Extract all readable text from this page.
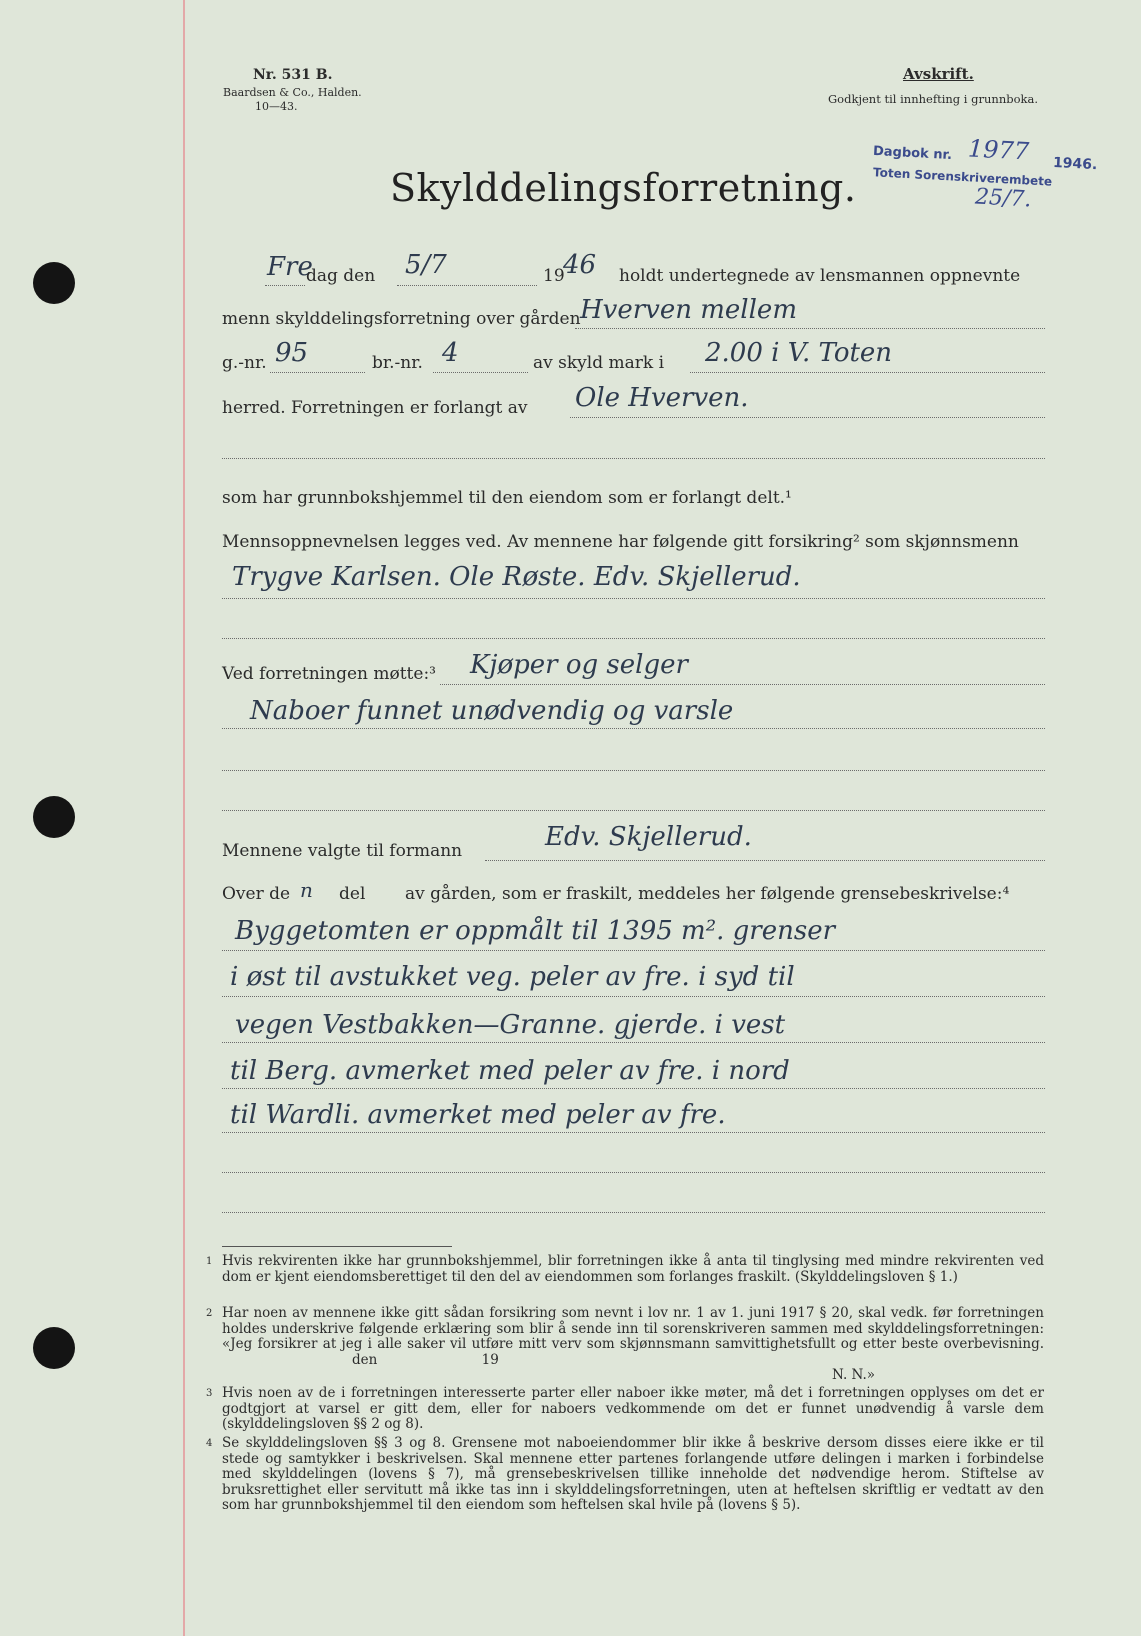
Nr. 531 B.
Baardsen & Co., Halden.
10—43.
Avskrift.
Godkjent til innhefting i grunnboka.
Dagbok nr. 1977 1946.
Toten Sorenskriverembete
25/7.
Skylddelingsforretning.
Fre
dag den 5/7	19
46 holdt undertegnede av lensmannen oppnevnte
menn skylddelingsforretning over gården Hverven mellem
g.-nr. 95	br.-nr. 4	av skyld mark i 2.00 i V. Toten
herred. Forretningen er forlangt av Ole Hverven.
som har grunnbokshjemmel til den eiendom som er forlangt delt.¹
Mennsoppnevnelsen legges ved. Av mennene har følgende gitt forsikring² som skjønnsmenn
Trygve Karlsen. Ole Røste. Edv. Skjellerud.
Ved forretningen møtte:³ Kjøper og selger
Naboer funnet unødvendig og varsle
Mennene valgte til formann	Edv. Skjellerud.
Over de n del av gården, som er fraskilt, meddeles her følgende grensebeskrivelse:⁴
Byggetomten er oppmålt til 1395 m². grenser
i øst til avstukket veg. peler av fre. i syd til
vegen Vestbakken—Granne. gjerde. i vest
til Berg. avmerket med peler av fre. i nord
til Wardli. avmerket med peler av fre.
1 Hvis rekvirenten ikke har grunnbokshjemmel, blir forretningen ikke å anta til tinglysing med mindre rekvirenten ved dom er kjent eiendomsberettiget til den del av eiendommen som forlanges fraskilt. (Skylddelingsloven § 1.)
2 Har noen av mennene ikke gitt sådan forsikring som nevnt i lov nr. 1 av 1. juni 1917 § 20, skal vedk. før forretningen holdes underskrive følgende erklæring som blir å sende inn til sorenskriveren sammen med skylddelingsforretningen: «Jeg forsikrer at jeg i alle saker vil utføre mitt verv som skjønnsmann samvittighetsfullt og etter beste overbevisning. den	19
N. N.»
3 Hvis noen av de i forretningen interesserte parter eller naboer ikke møter, må det i forretningen opplyses om det er godtgjort at varsel er gitt dem, eller for naboers vedkommende om det er funnet unødvendig å varsle dem (skylddelingsloven §§ 2 og 8).
4 Se skylddelingsloven §§ 3 og 8. Grensene mot naboeiendommer blir ikke å beskrive dersom disses eiere ikke er til stede og samtykker i beskrivelsen. Skal mennene etter partenes forlangende utføre delingen i marken i forbindelse med skylddelingen (lovens § 7), må grensebeskrivelsen tillike inneholde det nødvendige herom. Stiftelse av bruksrettighet eller servitutt må ikke tas inn i skylddelingsforretningen, uten at heftelsen skriftlig er vedtatt av den som har grunnbokshjemmel til den eiendom som heftelsen skal hvile på (lovens § 5).
